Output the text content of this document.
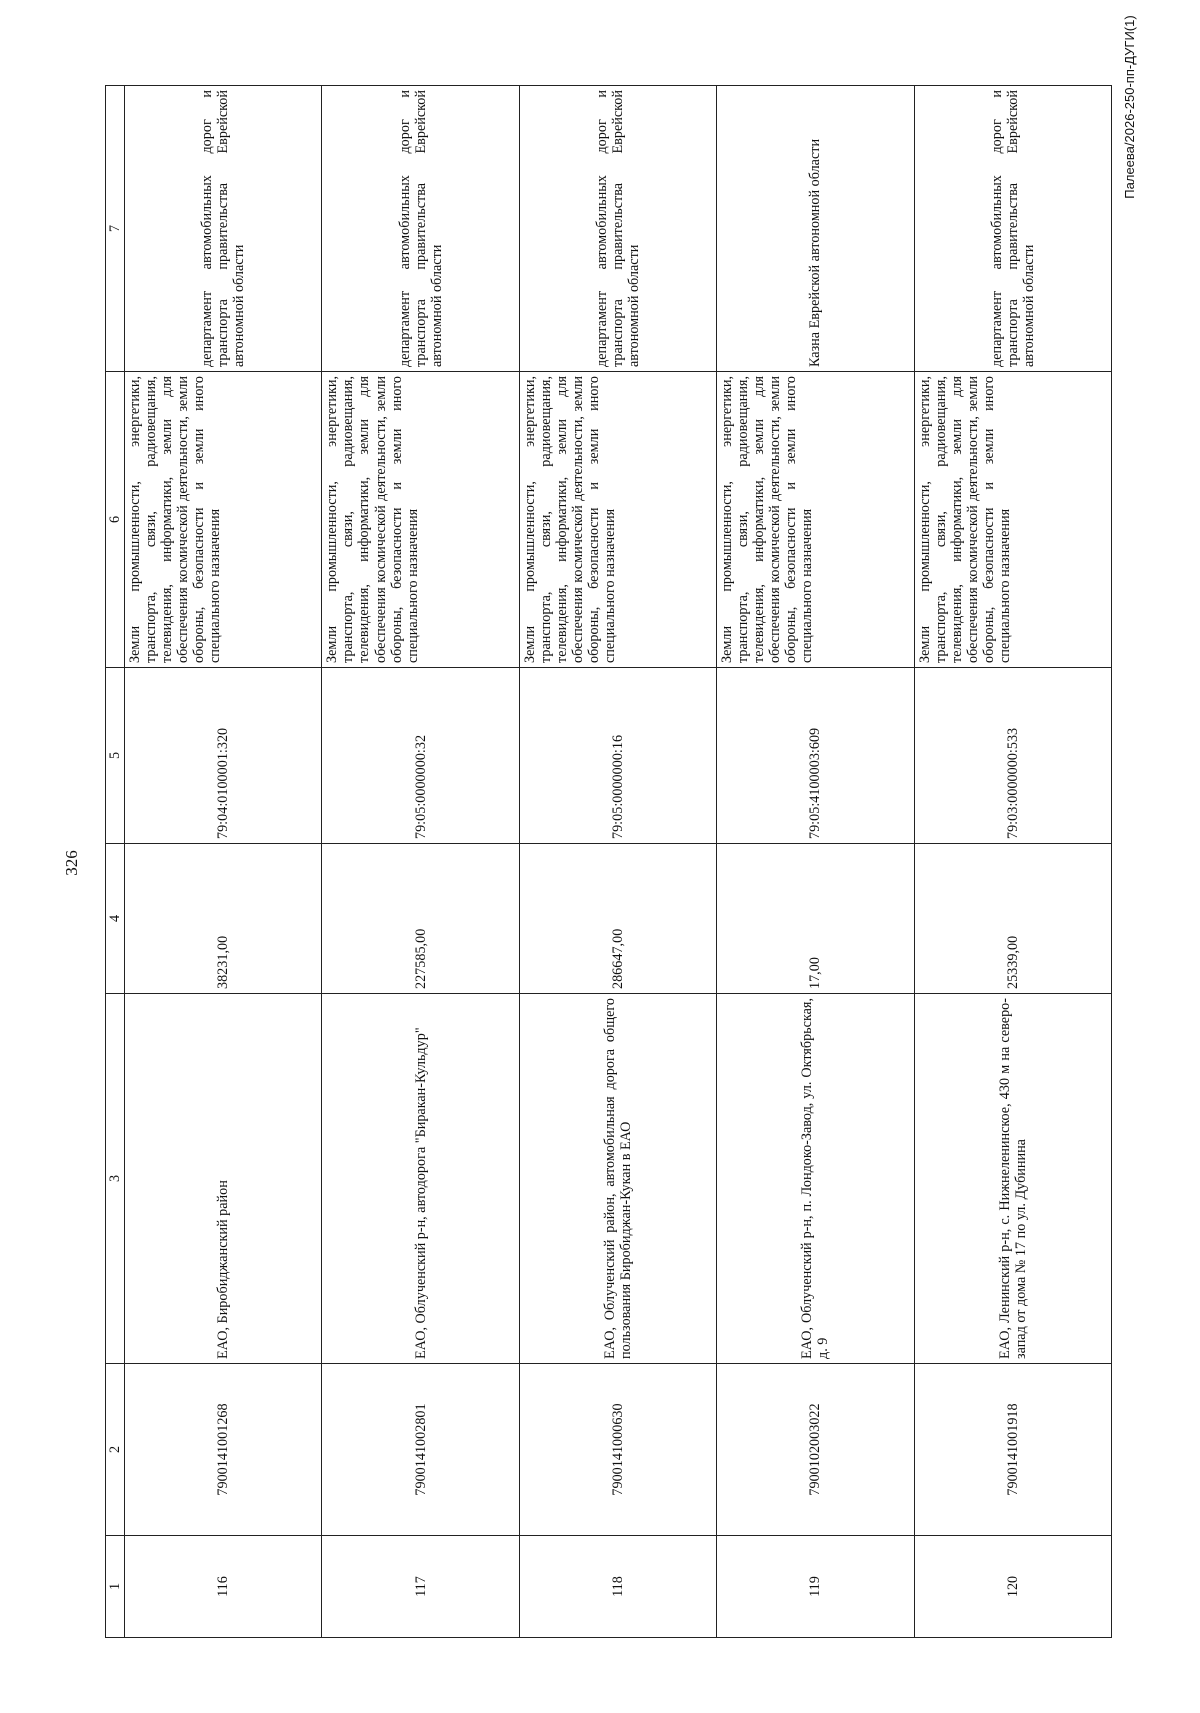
326
1	2	3	4	5	6	7
116	7900141001268	ЕАО, Биробиджанский район	38231,00	79:04:0100001:320	Земли промышленности, энергетики, транспорта, связи, радиовещания, телевидения, информатики, земли для обеспечения космической деятельности, земли обороны, безопасности и земли иного специального назначения	департамент автомобильных дорог и транспорта правительства Еврейской автономной области
117	7900141002801	ЕАО, Облученский р-н, автодорога "Биракан-Кульдур"	227585,00	79:05:0000000:32	Земли промышленности, энергетики, транспорта, связи, радиовещания, телевидения, информатики, земли для обеспечения космической деятельности, земли обороны, безопасности и земли иного специального назначения	департамент автомобильных дорог и транспорта правительства Еврейской автономной области
118	7900141000630	ЕАО, Облученский район, автомобильная дорога общего пользования Биробиджан-Кукан в ЕАО	286647,00	79:05:0000000:16	Земли промышленности, энергетики, транспорта, связи, радиовещания, телевидения, информатики, земли для обеспечения космической деятельности, земли обороны, безопасности и земли иного специального назначения	департамент автомобильных дорог и транспорта правительства Еврейской автономной области
119	7900102003022	ЕАО, Облученский р-н, п. Лондоко-Завод, ул. Октябрьская, д. 9	17,00	79:05:4100003:609	Земли промышленности, энергетики, транспорта, связи, радиовещания, телевидения, информатики, земли для обеспечения космической деятельности, земли обороны, безопасности и земли иного специального назначения	Казна Еврейской автономной области
120	7900141001918	ЕАО, Ленинский р-н, с. Нижнеленинское, 430 м на северо-запад от дома № 17 по ул. Дубинина	25339,00	79:03:0000000:533	Земли промышленности, энергетики, транспорта, связи, радиовещания, телевидения, информатики, земли для обеспечения космической деятельности, земли обороны, безопасности и земли иного специального назначения	департамент автомобильных дорог и транспорта правительства Еврейской автономной области
Палеева/2026-250-пп-ДУГИ(1)
